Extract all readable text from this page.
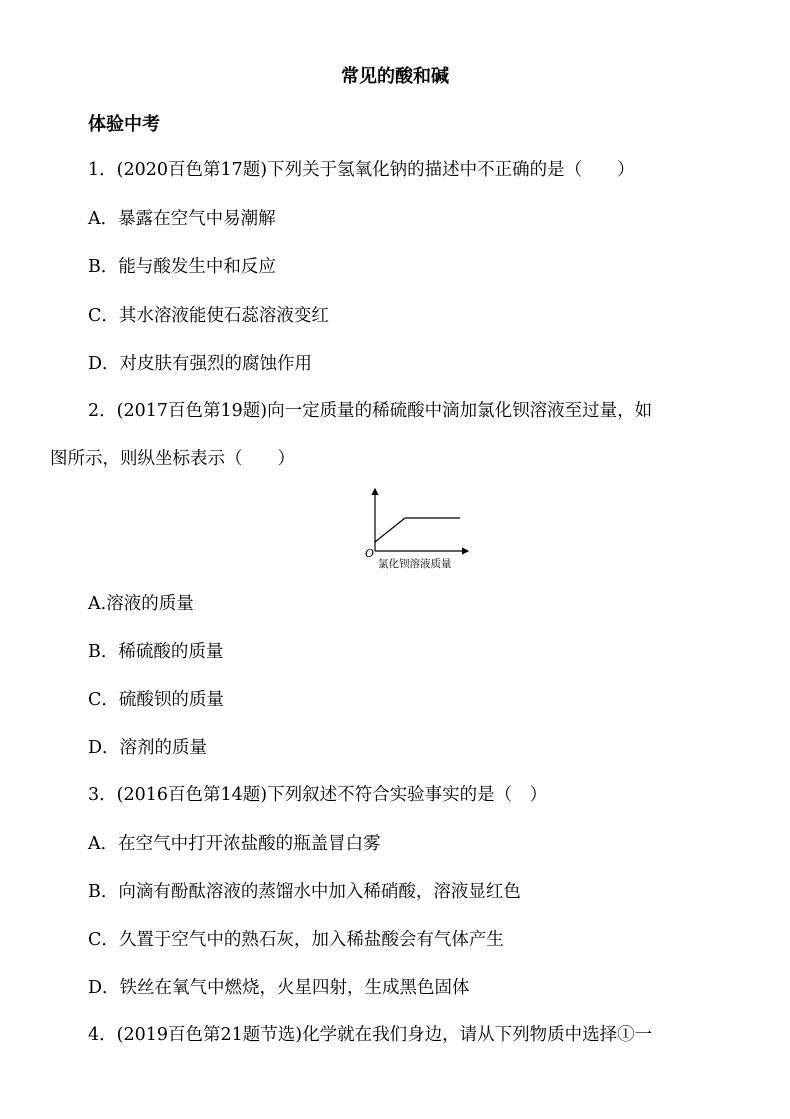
常见的酸和碱
体验中考
1．(2020百色第17题)下列关于氢氧化钠的描述中不正确的是（　　）
A．暴露在空气中易潮解
B．能与酸发生中和反应
C．其水溶液能使石蕊溶液变红
D．对皮肤有强烈的腐蚀作用
2．(2017百色第19题)向一定质量的稀硫酸中滴加氯化钡溶液至过量，如
图所示，则纵坐标表示（　　）
O
氯化钡溶液质量
A.溶液的质量
B．稀硫酸的质量
C．硫酸钡的质量
D．溶剂的质量
3．(2016百色第14题)下列叙述不符合实验事实的是（　）
A．在空气中打开浓盐酸的瓶盖冒白雾
B．向滴有酚酞溶液的蒸馏水中加入稀硝酸，溶液显红色
C．久置于空气中的熟石灰，加入稀盐酸会有气体产生
D．铁丝在氧气中燃烧，火星四射，生成黑色固体
4．(2019百色第21题节选)化学就在我们身边，请从下列物质中选择①一
